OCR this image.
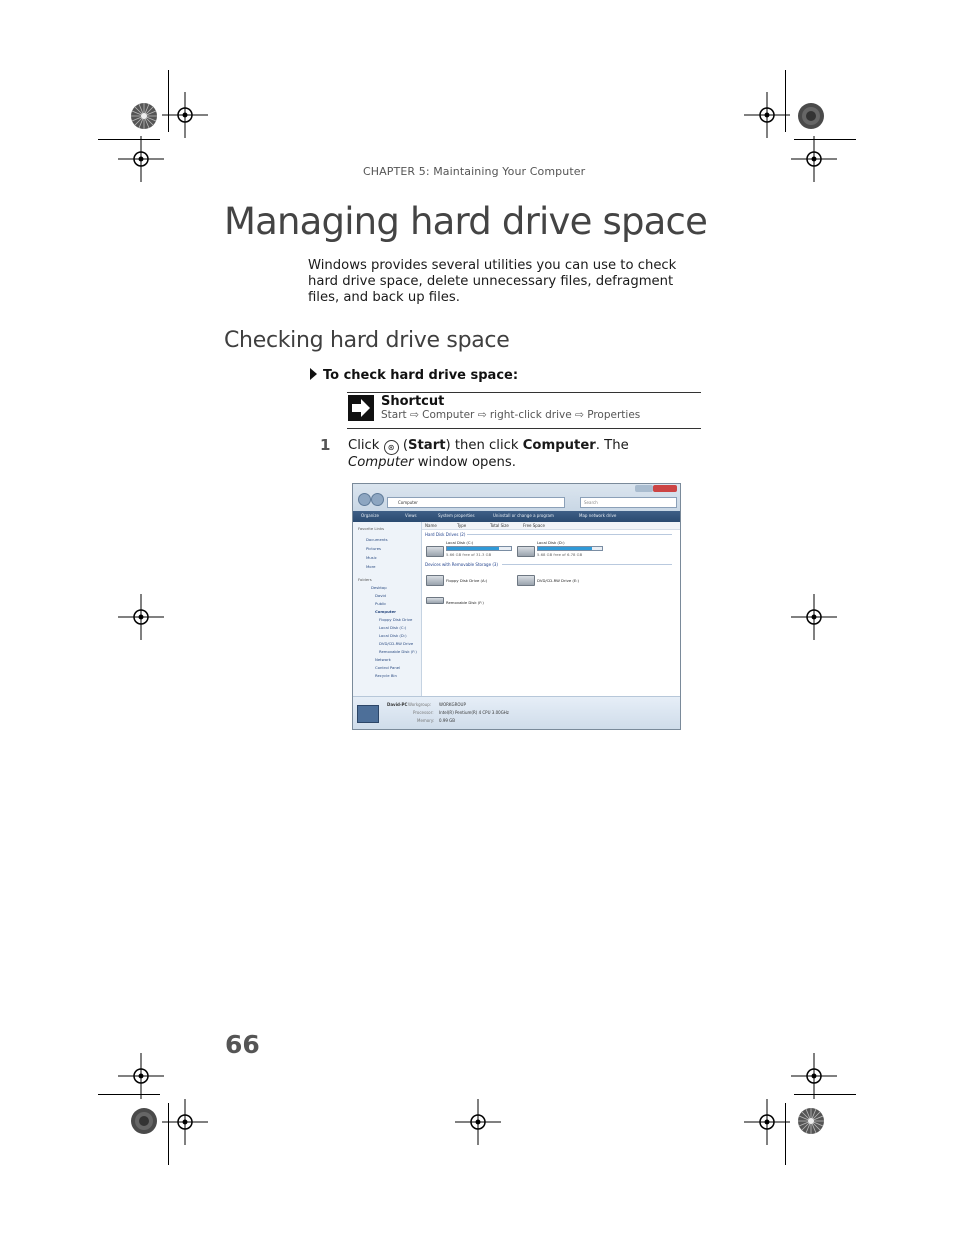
CHAPTER 5: Maintaining Your Computer
Managing hard drive space
Windows provides several utilities you can use to check hard drive space, delete unnecessary files, defragment files, and back up files.
Checking hard drive space
To check hard drive space:
Shortcut
Start ⇨ Computer ⇨ right-click drive ⇨ Properties
1 Click ⊛ (Start) then click Computer. The Computer window opens.
Computer	Search
Organize	Views	System properties	Uninstall or change a program	Map network drive
Favorite Links
Documents
Pictures
Music
More
Folders
Desktop
David
Public
Computer
Floppy Disk Drive
Local Disk (C:)
Local Disk (D:)
DVD/CD-RW Drive
Removable Disk (F:)
Network
Control Panel
Recycle Bin
Name	Type	Total Size	Free Space
Hard Disk Drives (2)
Local Disk (C:)
5.66 GB free of 31.3 GB
Local Disk (D:)
5.68 GB free of 6.78 GB
Devices with Removable Storage (3)
Floppy Disk Drive (A:)	DVD/CD-RW Drive (E:)
Removable Disk (F:)
David-PC Workgroup: WORKGROUP
Processor: Intel(R) Pentium(R) 4 CPU 3.00GHz
Memory: 0.99 GB
66
